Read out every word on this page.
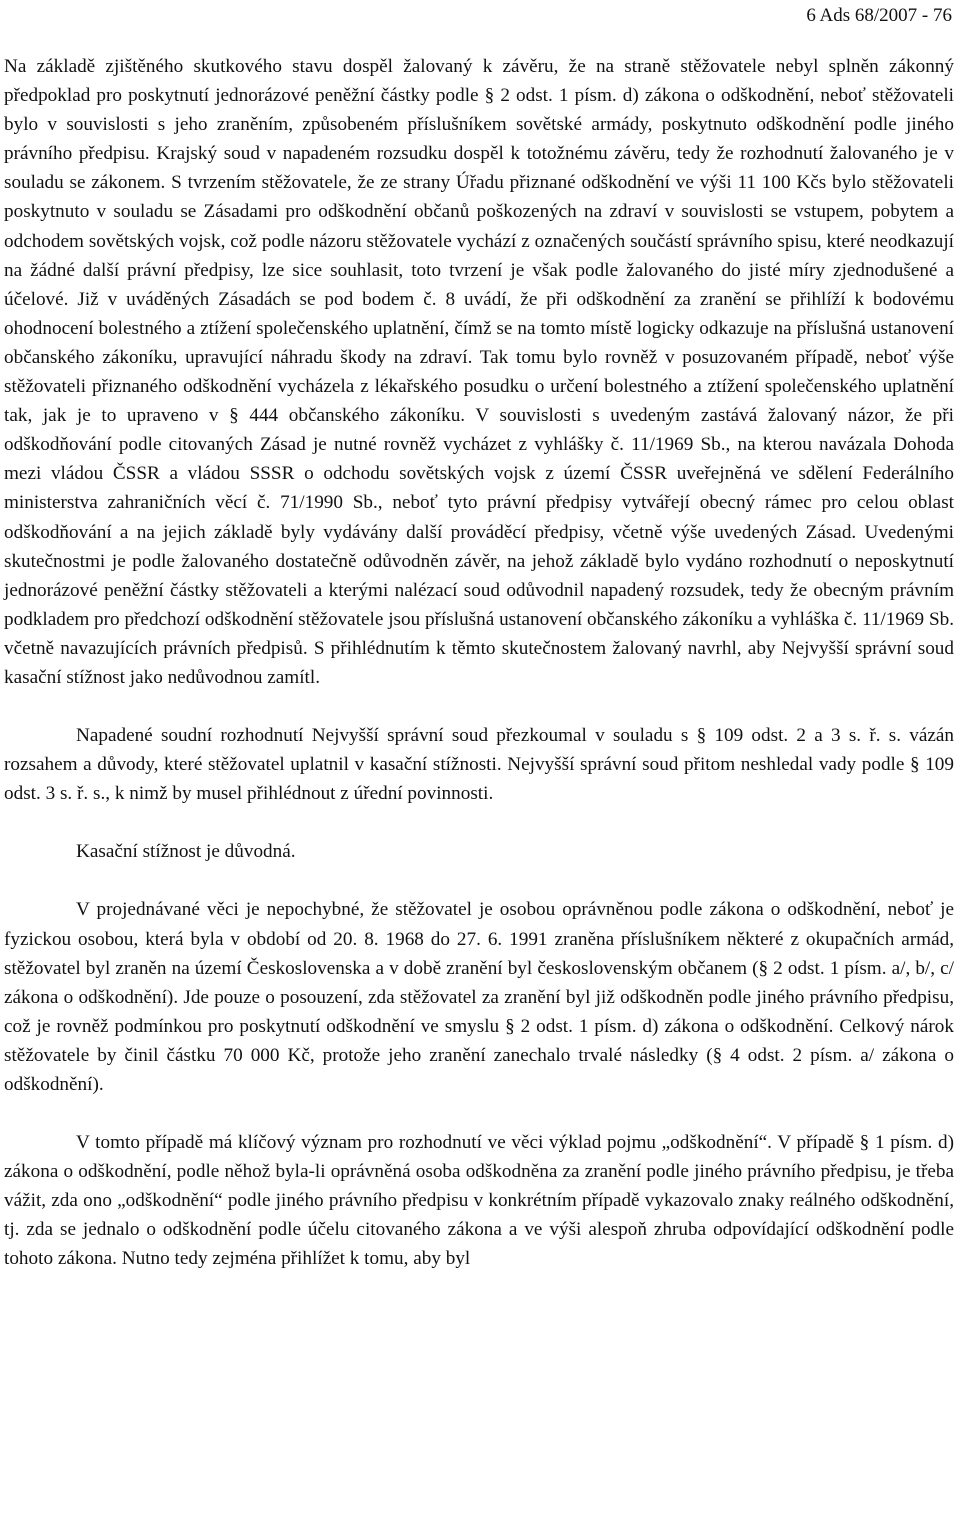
6 Ads 68/2007 - 76

Na základě zjištěného skutkového stavu dospěl žalovaný k závěru, že na straně stěžovatele nebyl splněn zákonný předpoklad pro poskytnutí jednorázové peněžní částky podle § 2 odst. 1 písm. d) zákona o odškodnění, neboť stěžovateli bylo v souvislosti s jeho zraněním, způsobeném příslušníkem sovětské armády, poskytnuto odškodnění podle jiného právního předpisu. Krajský soud v napadeném rozsudku dospěl k totožnému závěru, tedy že rozhodnutí žalovaného je v souladu se zákonem. S tvrzením stěžovatele, že ze strany Úřadu přiznané odškodnění ve výši 11 100 Kčs bylo stěžovateli poskytnuto v souladu se Zásadami pro odškodnění občanů poškozených na zdraví v souvislosti se vstupem, pobytem a odchodem sovětských vojsk, což podle názoru stěžovatele vychází z označených součástí správního spisu, které neodkazují na žádné další právní předpisy, lze sice souhlasit, toto tvrzení je však podle žalovaného do jisté míry zjednodušené a účelové. Již v uváděných Zásadách se pod bodem č. 8 uvádí, že při odškodnění za zranění se přihlíží k bodovému ohodnocení bolestného a ztížení společenského uplatnění, čímž se na tomto místě logicky odkazuje na příslušná ustanovení občanského zákoníku, upravující náhradu škody na zdraví. Tak tomu bylo rovněž v posuzovaném případě, neboť výše stěžovateli přiznaného odškodnění vycházela z lékařského posudku o určení bolestného a ztížení společenského uplatnění tak, jak je to upraveno v § 444 občanského zákoníku. V souvislosti s uvedeným zastává žalovaný názor, že při odškodňování podle citovaných Zásad je nutné rovněž vycházet z vyhlášky č. 11/1969 Sb., na kterou navázala Dohoda mezi vládou ČSSR a vládou SSSR o odchodu sovětských vojsk z území ČSSR uveřejněná ve sdělení Federálního ministerstva zahraničních věcí č. 71/1990 Sb., neboť tyto právní předpisy vytvářejí obecný rámec pro celou oblast odškodňování a na jejich základě byly vydávány další prováděcí předpisy, včetně výše uvedených Zásad. Uvedenými skutečnostmi je podle žalovaného dostatečně odůvodněn závěr, na jehož základě bylo vydáno rozhodnutí o neposkytnutí jednorázové peněžní částky stěžovateli a kterými nalézací soud odůvodnil napadený rozsudek, tedy že obecným právním podkladem pro předchozí odškodnění stěžovatele jsou příslušná ustanovení občanského zákoníku a vyhláška č. 11/1969 Sb. včetně navazujících právních předpisů. S přihlédnutím k těmto skutečnostem žalovaný navrhl, aby Nejvyšší správní soud kasační stížnost jako nedůvodnou zamítl.

Napadené soudní rozhodnutí Nejvyšší správní soud přezkoumal v souladu s § 109 odst. 2 a 3 s. ř. s. vázán rozsahem a důvody, které stěžovatel uplatnil v kasační stížnosti. Nejvyšší správní soud přitom neshledal vady podle § 109 odst. 3 s. ř. s., k nimž by musel přihlédnout z úřední povinnosti.

Kasační stížnost je důvodná.

V projednávané věci je nepochybné, že stěžovatel je osobou oprávněnou podle zákona o odškodnění, neboť je fyzickou osobou, která byla v období od 20. 8. 1968 do 27. 6. 1991 zraněna příslušníkem některé z okupačních armád, stěžovatel byl zraněn na území Československa a v době zranění byl československým občanem (§ 2 odst. 1 písm. a/, b/, c/ zákona o odškodnění). Jde pouze o posouzení, zda stěžovatel za zranění byl již odškodněn podle jiného právního předpisu, což je rovněž podmínkou pro poskytnutí odškodnění ve smyslu § 2 odst. 1 písm. d) zákona o odškodnění. Celkový nárok stěžovatele by činil částku 70 000 Kč, protože jeho zranění zanechalo trvalé následky (§ 4 odst. 2 písm. a/ zákona o odškodnění).

V tomto případě má klíčový význam pro rozhodnutí ve věci výklad pojmu „odškodnění“. V případě § 1 písm. d) zákona o odškodnění, podle něhož byla-li oprávněná osoba odškodněna za zranění podle jiného právního předpisu, je třeba vážit, zda ono „odškodnění“ podle jiného právního předpisu v konkrétním případě vykazovalo znaky reálného odškodnění, tj. zda se jednalo o odškodnění podle účelu citovaného zákona a ve výši alespoň zhruba odpovídající odškodnění podle tohoto zákona. Nutno tedy zejména přihlížet k tomu, aby byl
